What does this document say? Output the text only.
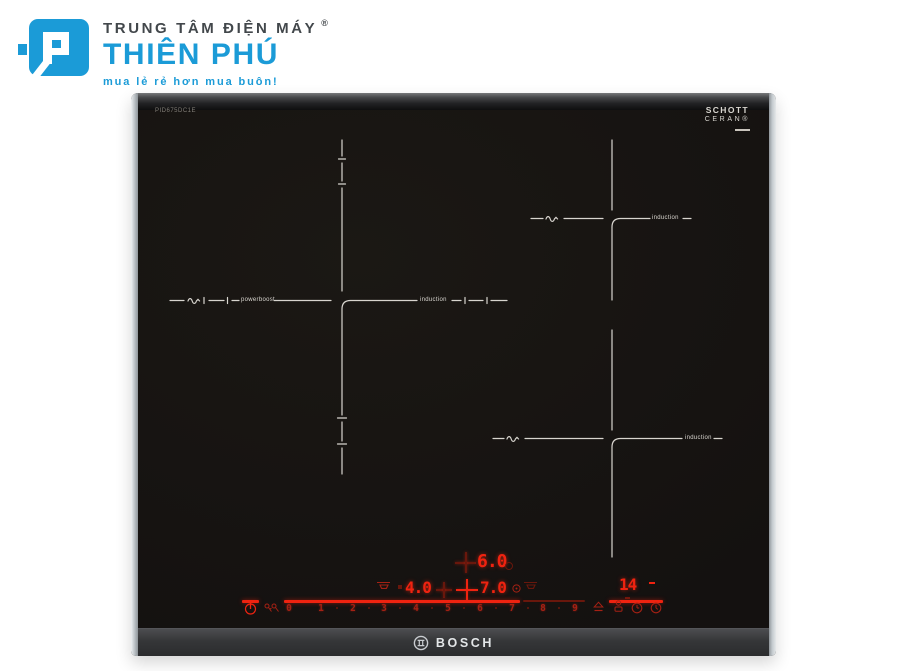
TRUNG TÂM ĐIỆN MÁY ®
THIÊN PHÚ
mua lẻ rẻ hơn mua buôn!
PID675DC1E	SCHOTT
CERAN®
powerboost	induction
induction
induction
6.0
4.0	7.0	14
0	1	2	3	4	5	6	7	8	9
BOSCH
